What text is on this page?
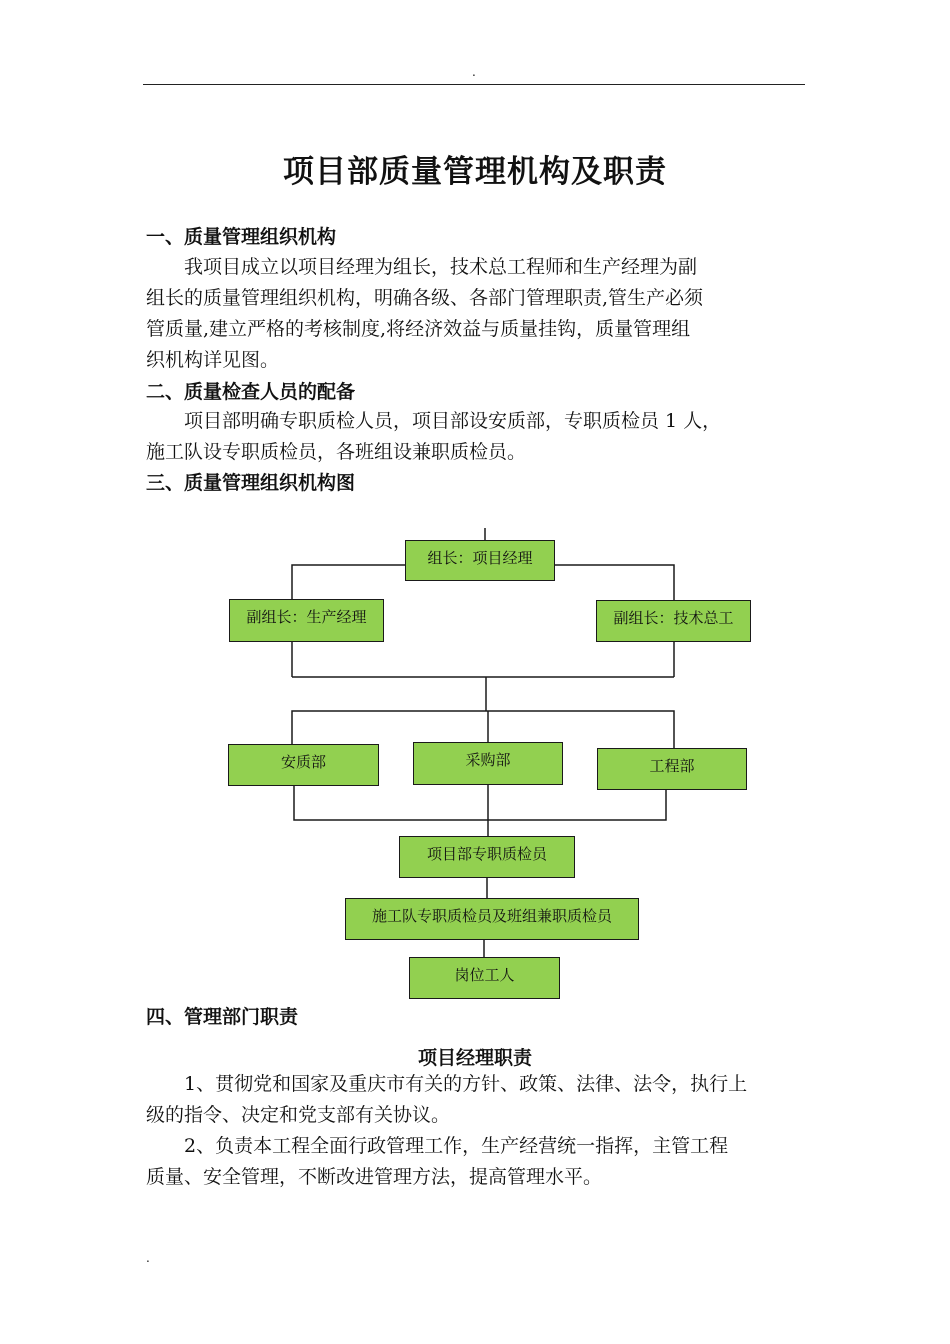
.
项目部质量管理机构及职责
一、质量管理组织机构
　　我项目成立以项目经理为组长，技术总工程师和生产经理为副
组长的质量管理组织机构，明确各级、各部门管理职责,管生产必须
管质量,建立严格的考核制度,将经济效益与质量挂钩，质量管理组
织机构详见图。
二、质量检查人员的配备
　　项目部明确专职质检人员，项目部设安质部，专职质检员 1 人，
施工队设专职质检员，各班组设兼职质检员。
三、质量管理组织机构图
组长：项目经理
副组长：生产经理	副组长：技术总工
安质部	采购部	工程部
项目部专职质检员
施工队专职质检员及班组兼职质检员
岗位工人
四、管理部门职责
项目经理职责
　　1、贯彻党和国家及重庆市有关的方针、政策、法律、法令，执行上
级的指令、决定和党支部有关协议。
　　2、负责本工程全面行政管理工作，生产经营统一指挥，主管工程
质量、安全管理，不断改进管理方法，提高管理水平。
.
